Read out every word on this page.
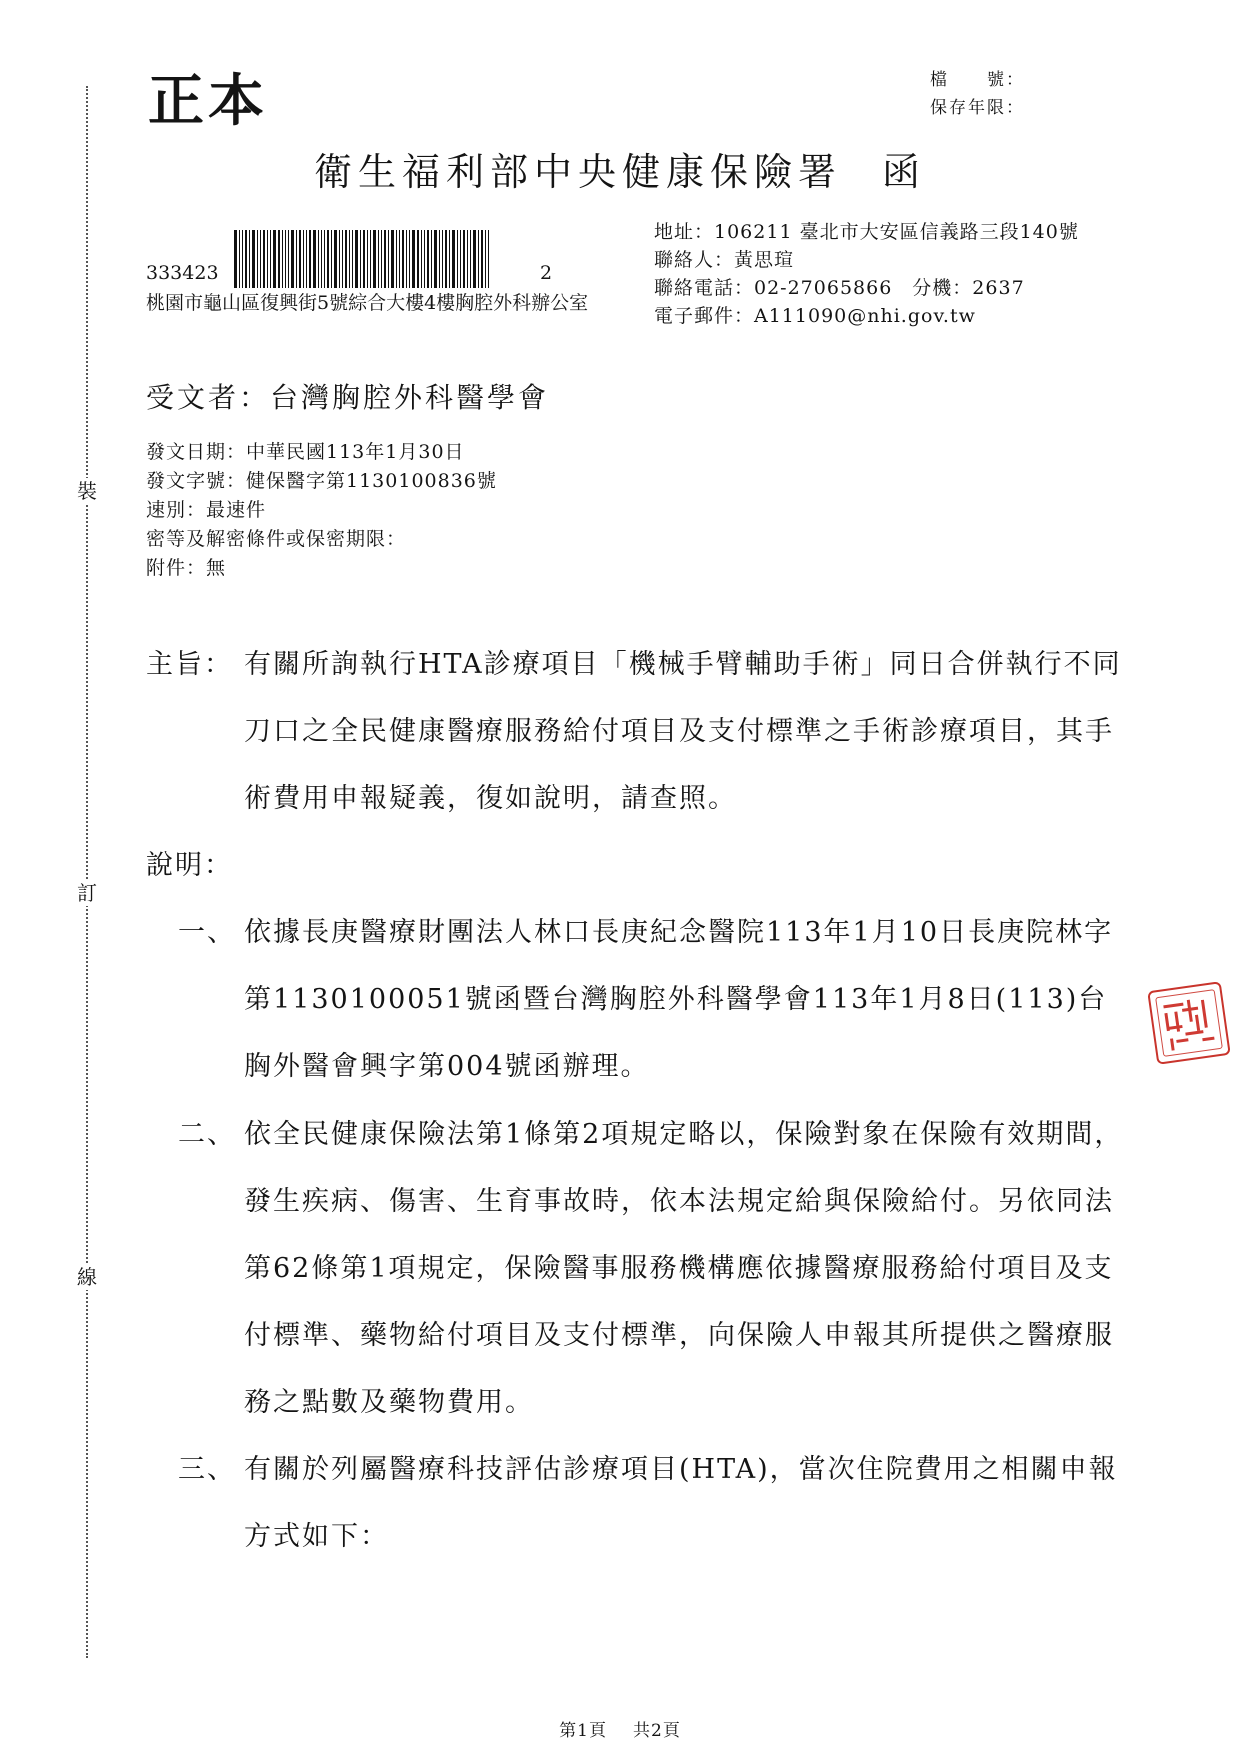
裝
訂
線
正本	檔　　號：
保存年限：
衛生福利部中央健康保險署 函
地址：106211 臺北市大安區信義路三段140號
聯絡人：黃思瑄
聯絡電話：02-27065866　分機：2637
電子郵件：A111090@nhi.gov.tw
333423	2
桃園市龜山區復興街5號綜合大樓4樓胸腔外科辦公室
受文者：台灣胸腔外科醫學會
發文日期：中華民國113年1月30日
發文字號：健保醫字第1130100836號
速別：最速件
密等及解密條件或保密期限：
附件：無
主旨： 有關所詢執行HTA診療項目「機械手臂輔助手術」同日合併執行不同刀口之全民健康醫療服務給付項目及支付標準之手術診療項目，其手術費用申報疑義，復如說明，請查照。
說明：
一、 依據長庚醫療財團法人林口長庚紀念醫院113年1月10日長庚院林字第1130100051號函暨台灣胸腔外科醫學會113年1月8日(113)台胸外醫會興字第004號函辦理。
二、 依全民健康保險法第1條第2項規定略以，保險對象在保險有效期間，發生疾病、傷害、生育事故時，依本法規定給與保險給付。另依同法第62條第1項規定，保險醫事服務機構應依據醫療服務給付項目及支付標準、藥物給付項目及支付標準，向保險人申報其所提供之醫療服務之點數及藥物費用。
三、 有關於列屬醫療科技評估診療項目(HTA)，當次住院費用之相關申報方式如下：
第1頁 共2頁
